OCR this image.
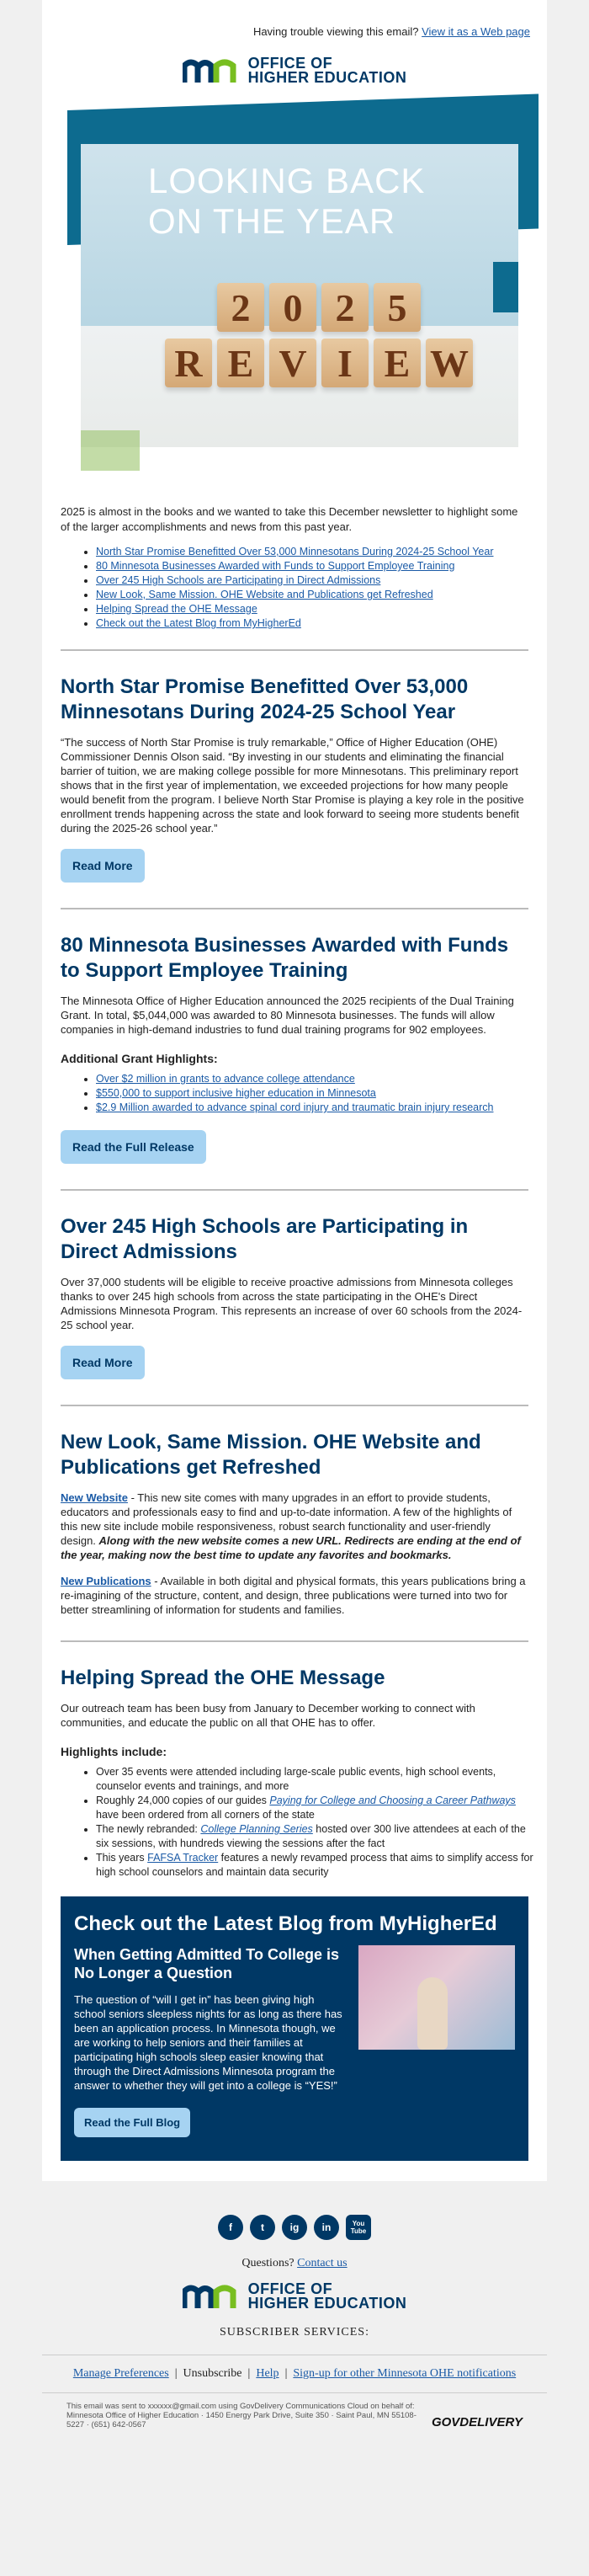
Having trouble viewing this email? View it as a Web page
OFFICE OF
HIGHER EDUCATION
LOOKING BACK ON THE YEAR
2 0 2 5
R E V I E W

2025 is almost in the books and we wanted to take this December newsletter to highlight some of the larger accomplishments and news from this past year.

• North Star Promise Benefitted Over 53,000 Minnesotans During 2024-25 School Year
• 80 Minnesota Businesses Awarded with Funds to Support Employee Training
• Over 245 High Schools are Participating in Direct Admissions
• New Look, Same Mission. OHE Website and Publications get Refreshed
• Helping Spread the OHE Message
• Check out the Latest Blog from MyHigherEd
North Star Promise Benefitted Over 53,000 Minnesotans During 2024-25 School Year

“The success of North Star Promise is truly remarkable,” Office of Higher Education (OHE) Commissioner Dennis Olson said. “By investing in our students and eliminating the financial barrier of tuition, we are making college possible for more Minnesotans. This preliminary report shows that in the first year of implementation, we exceeded projections for how many people would benefit from the program. I believe North Star Promise is playing a key role in the positive enrollment trends happening across the state and look forward to seeing more students benefit during the 2025-26 school year.”

Read More
80 Minnesota Businesses Awarded with Funds to Support Employee Training

The Minnesota Office of Higher Education announced the 2025 recipients of the Dual Training Grant. In total, $5,044,000 was awarded to 80 Minnesota businesses. The funds will allow companies in high-demand industries to fund dual training programs for 902 employees.

Additional Grant Highlights:
• Over $2 million in grants to advance college attendance
• $550,000 to support inclusive higher education in Minnesota
• $2.9 Million awarded to advance spinal cord injury and traumatic brain injury research
Read the Full Release
Over 245 High Schools are Participating in Direct Admissions

Over 37,000 students will be eligible to receive proactive admissions from Minnesota colleges thanks to over 245 high schools from across the state participating in the OHE's Direct Admissions Minnesota Program. This represents an increase of over 60 schools from the 2024-25 school year.

Read More
New Look, Same Mission. OHE Website and Publications get Refreshed

New Website - This new site comes with many upgrades in an effort to provide students, educators and professionals easy to find and up-to-date information. A few of the highlights of this new site include mobile responsiveness, robust search functionality and user-friendly design. Along with the new website comes a new URL. Redirects are ending at the end of the year, making now the best time to update any favorites and bookmarks.

New Publications - Available in both digital and physical formats, this years publications bring a re-imagining of the structure, content, and design, three publications were turned into two for better streamlining of information for students and families.

Helping Spread the OHE Message

Our outreach team has been busy from January to December working to connect with communities, and educate the public on all that OHE has to offer.

Highlights include:
• Over 35 events were attended including large-scale public events, high school events, counselor events and trainings, and more
• Roughly 24,000 copies of our guides Paying for College and Choosing a Career Pathways have been ordered from all corners of the state
• The newly rebranded: College Planning Series hosted over 300 live attendees at each of the six sessions, with hundreds viewing the sessions after the fact
• This years FAFSA Tracker features a newly revamped process that aims to simplify access for high school counselors and maintain data security
Check out the Latest Blog from MyHigherEd
When Getting Admitted To College is No Longer a Question

The question of “will I get in” has been giving high school seniors sleepless nights for as long as there has been an application process. In Minnesota though, we are working to help seniors and their families at participating high schools sleep easier knowing that through the Direct Admissions Minnesota program the answer to whether they will get into a college is “YES!”

Read the Full Blog
f	t	ig	in	You Tube
Questions? Contact us
OFFICE OF
HIGHER EDUCATION
SUBSCRIBER SERVICES:
Manage Preferences  |  Unsubscribe  |  Help  |  Sign-up for other Minnesota OHE notifications
This email was sent to xxxxxx@gmail.com using GovDelivery Communications Cloud on behalf of: Minnesota Office of Higher Education · 1450 Energy Park Drive, Suite 350 · Saint Paul, MN 55108-5227 · (651) 642-0567	GOVDELIVERY
